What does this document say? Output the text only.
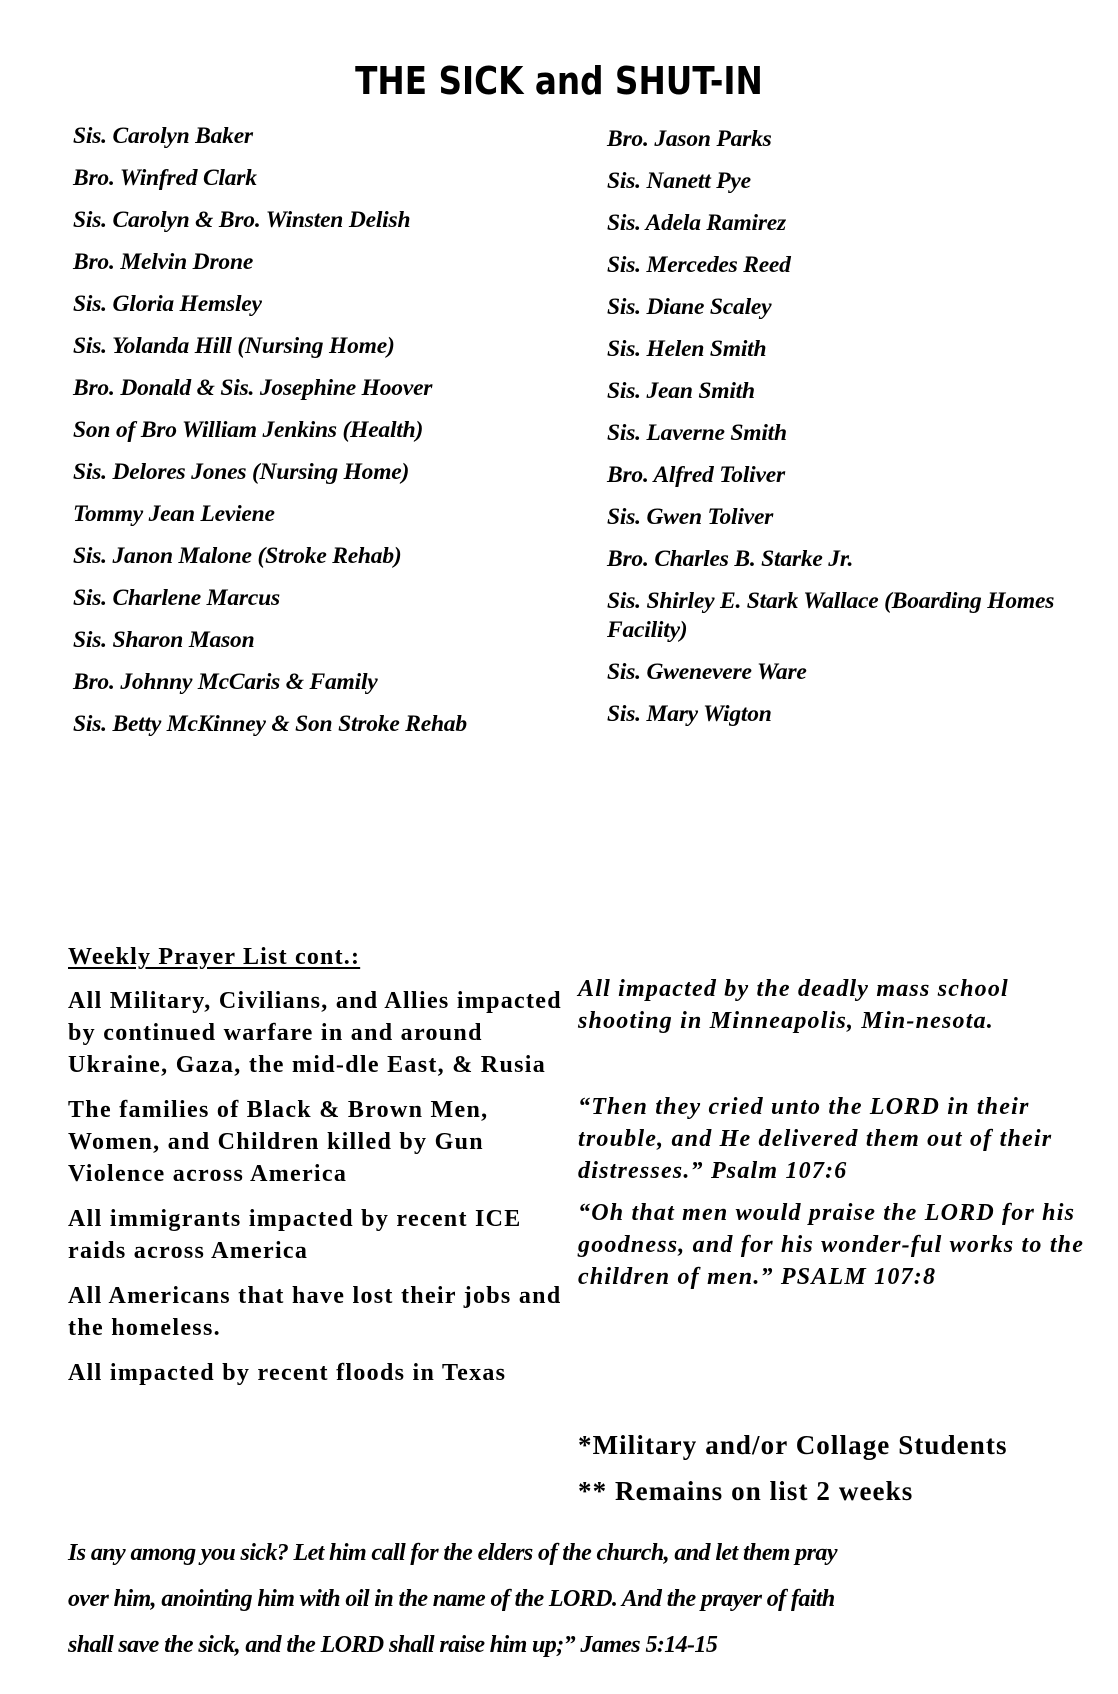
THE SICK and SHUT-IN
Sis. Carolyn Baker
Bro. Winfred Clark
Sis. Carolyn & Bro. Winsten Delish
Bro. Melvin Drone
Sis. Gloria Hemsley
Sis. Yolanda Hill (Nursing Home)
Bro. Donald & Sis. Josephine Hoover
Son of Bro William Jenkins (Health)
Sis. Delores Jones (Nursing Home)
Tommy Jean Leviene
Sis. Janon Malone (Stroke Rehab)
Sis. Charlene Marcus
Sis. Sharon Mason
Bro. Johnny McCaris & Family
Sis. Betty McKinney & Son Stroke Rehab
Bro. Jason Parks
Sis. Nanett Pye
Sis. Adela Ramirez
Sis. Mercedes Reed
Sis. Diane Scaley
Sis. Helen Smith
Sis. Jean Smith
Sis. Laverne Smith
Bro. Alfred Toliver
Sis. Gwen Toliver
Bro. Charles B. Starke Jr.
Sis. Shirley E. Stark Wallace (Boarding Homes Facility)
Sis. Gwenevere Ware
Sis. Mary Wigton
Weekly Prayer List cont.:
All Military, Civilians, and Allies impacted by continued warfare in and around Ukraine, Gaza, the mid-dle East, & Rusia
The families of Black & Brown Men, Women, and Children killed by Gun Violence across America
All immigrants impacted by recent ICE raids across America
All Americans that have lost their jobs and the homeless.
All impacted by recent floods in Texas
All impacted by the deadly mass school shooting in Minneapolis, Min-nesota.
“Then they cried unto the LORD in their trouble, and He delivered them out of their distresses.” Psalm 107:6
“Oh that men would praise the LORD for his goodness, and for his wonder-ful works to the children of men.” PSALM 107:8
*Military and/or Collage Students
** Remains on list 2 weeks
Is any among you sick? Let him call for the elders of the church, and let them pray
over him, anointing him with oil in the name of the LORD. And the prayer of faith
shall save the sick, and the LORD shall raise him up;” James 5:14-15
